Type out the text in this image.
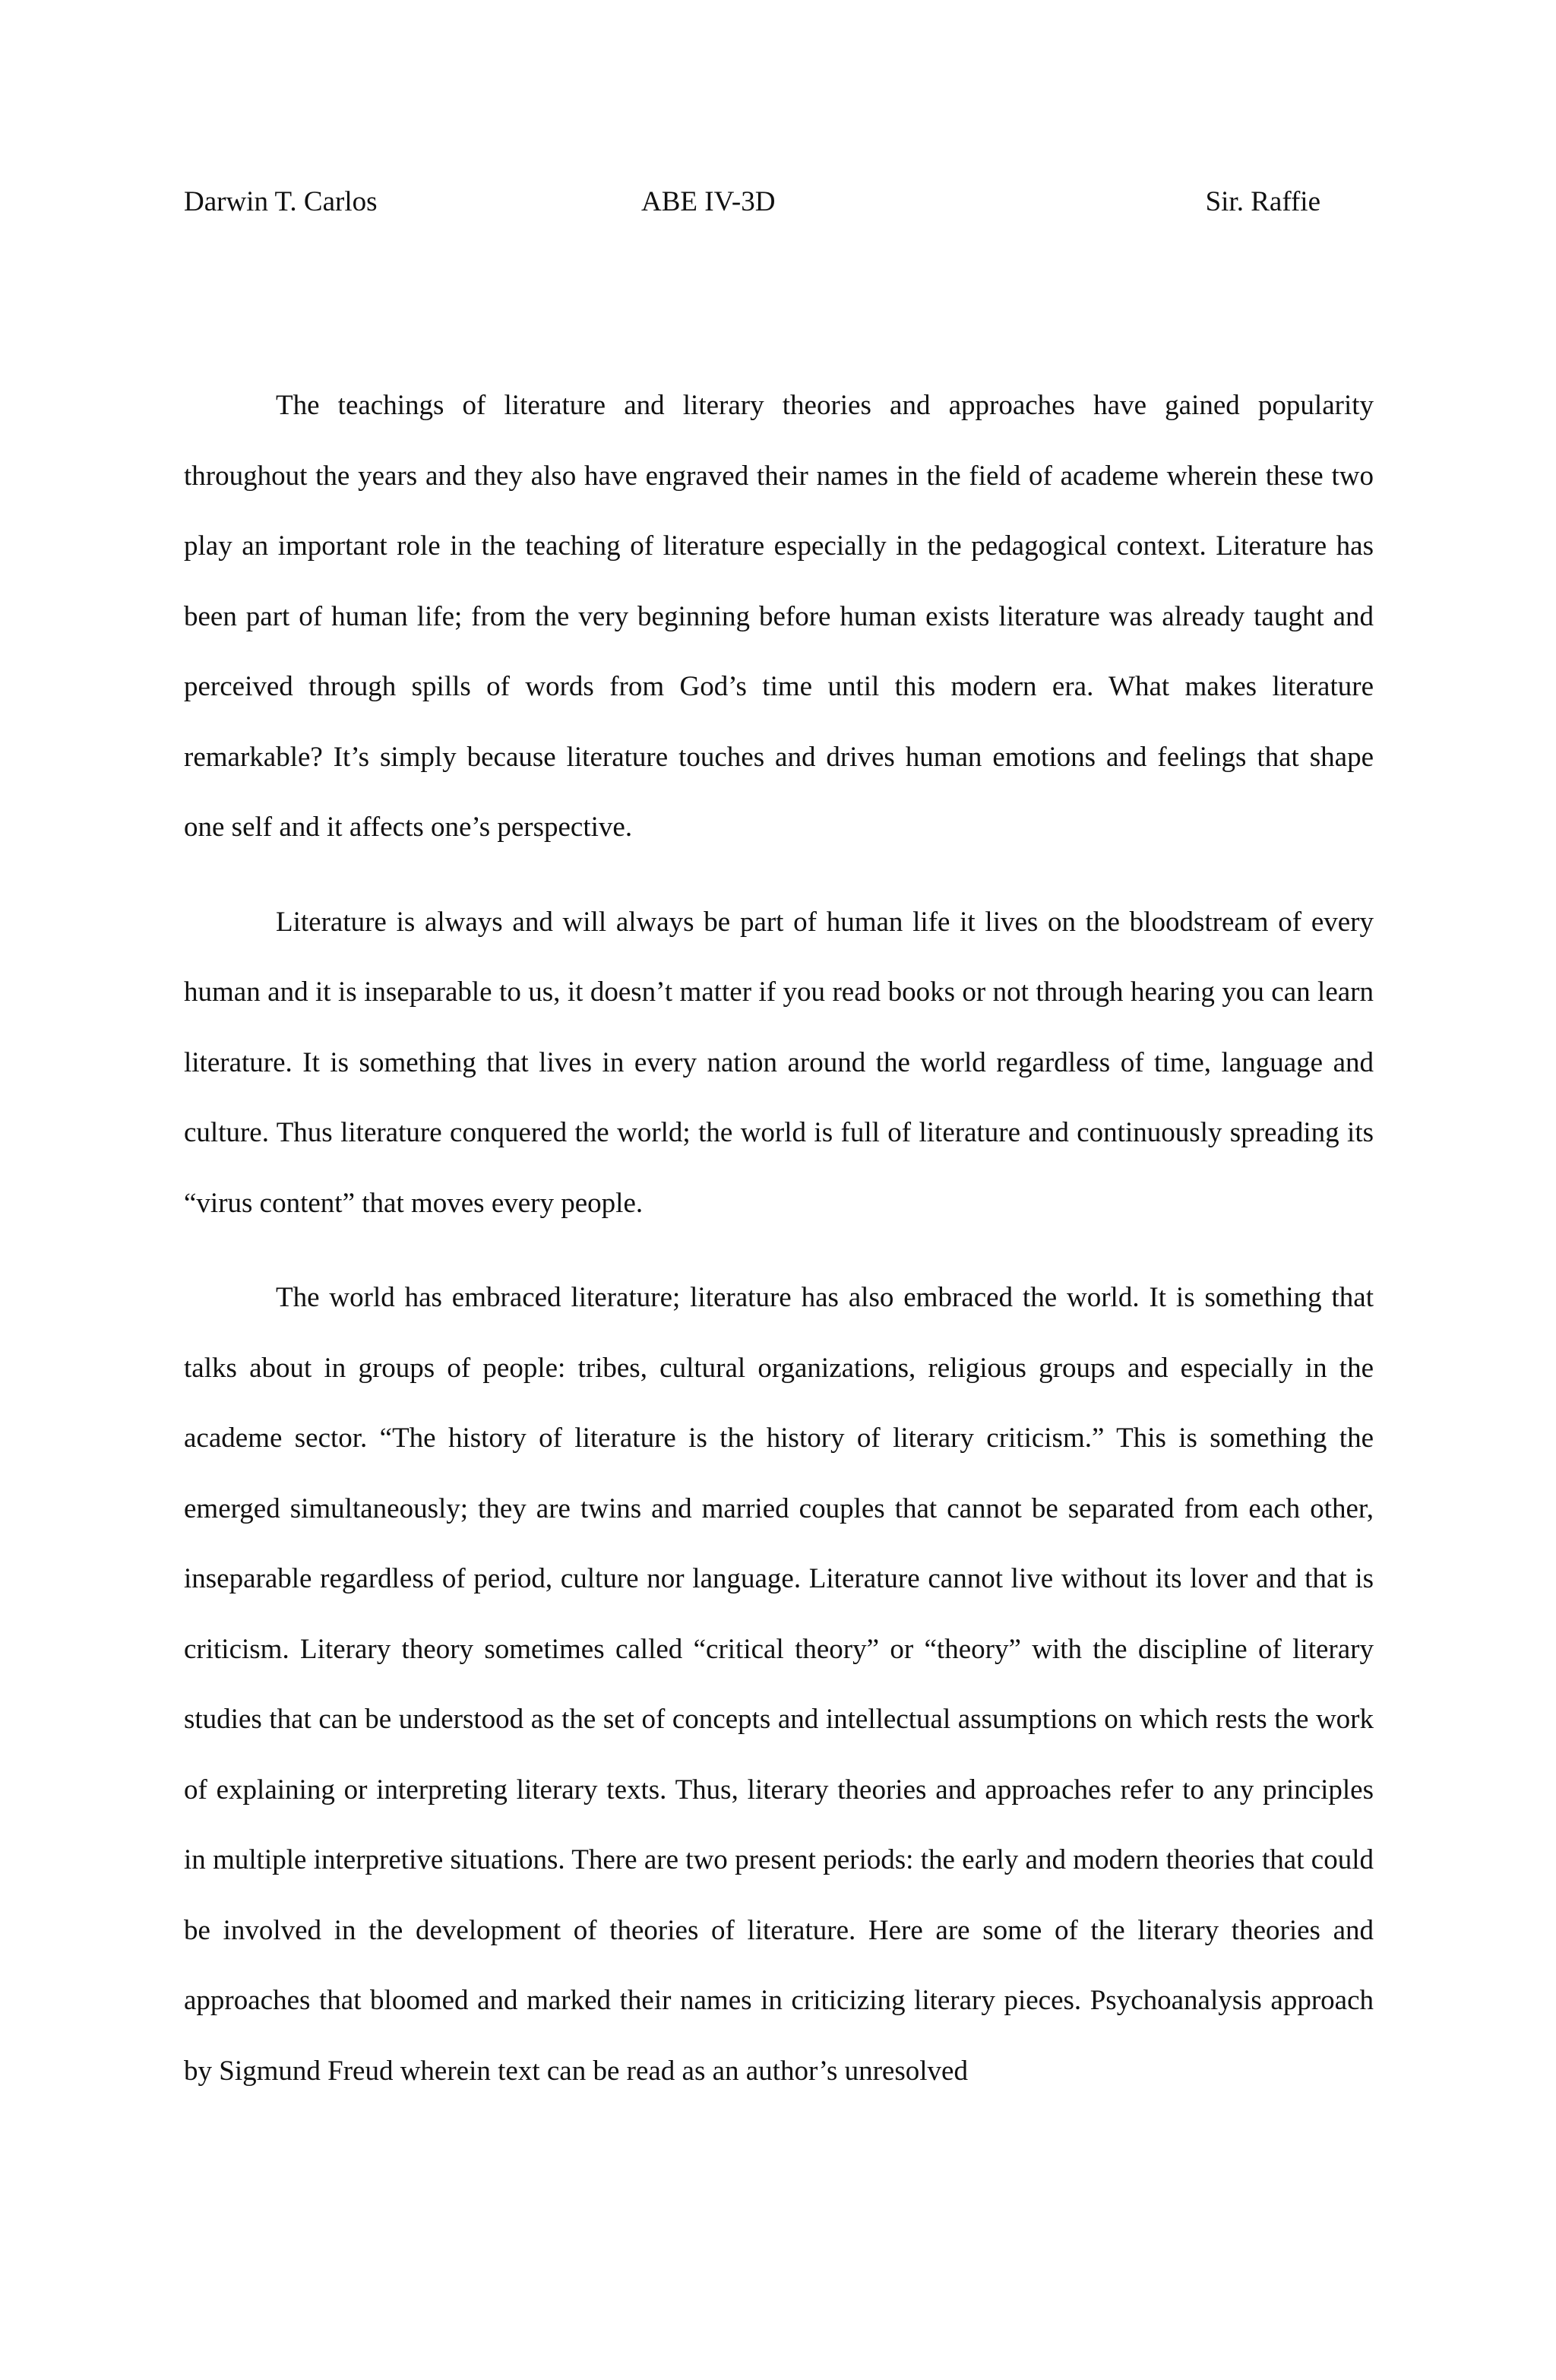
Darwin T. Carlos	ABE IV-3D	Sir. Raffie

The teachings of literature and literary theories and approaches have gained popularity throughout the years and they also have engraved their names in the field of academe wherein these two play an important role in the teaching of literature especially in the pedagogical context. Literature has been part of human life; from the very beginning before human exists literature was already taught and perceived through spills of words from God’s time until this modern era. What makes literature remarkable? It’s simply because literature touches and drives human emotions and feelings that shape one self and it affects one’s perspective.

Literature is always and will always be part of human life it lives on the bloodstream of every human and it is inseparable to us, it doesn’t matter if you read books or not through hearing you can learn literature. It is something that lives in every nation around the world regardless of time, language and culture. Thus literature conquered the world; the world is full of literature and continuously spreading its “virus content” that moves every people.

The world has embraced literature; literature has also embraced the world. It is something that talks about in groups of people: tribes, cultural organizations, religious groups and especially in the academe sector. “The history of literature is the history of literary criticism.” This is something the emerged simultaneously; they are twins and married couples that cannot be separated from each other, inseparable regardless of period, culture nor language. Literature cannot live without its lover and that is criticism. Literary theory sometimes called “critical theory” or “theory” with the discipline of literary studies that can be understood as the set of concepts and intellectual assumptions on which rests the work of explaining or interpreting literary texts. Thus, literary theories and approaches refer to any principles in multiple interpretive situations. There are two present periods: the early and modern theories that could be involved in the development of theories of literature. Here are some of the literary theories and approaches that bloomed and marked their names in criticizing literary pieces. Psychoanalysis approach by Sigmund Freud wherein text can be read as an author’s unresolved
